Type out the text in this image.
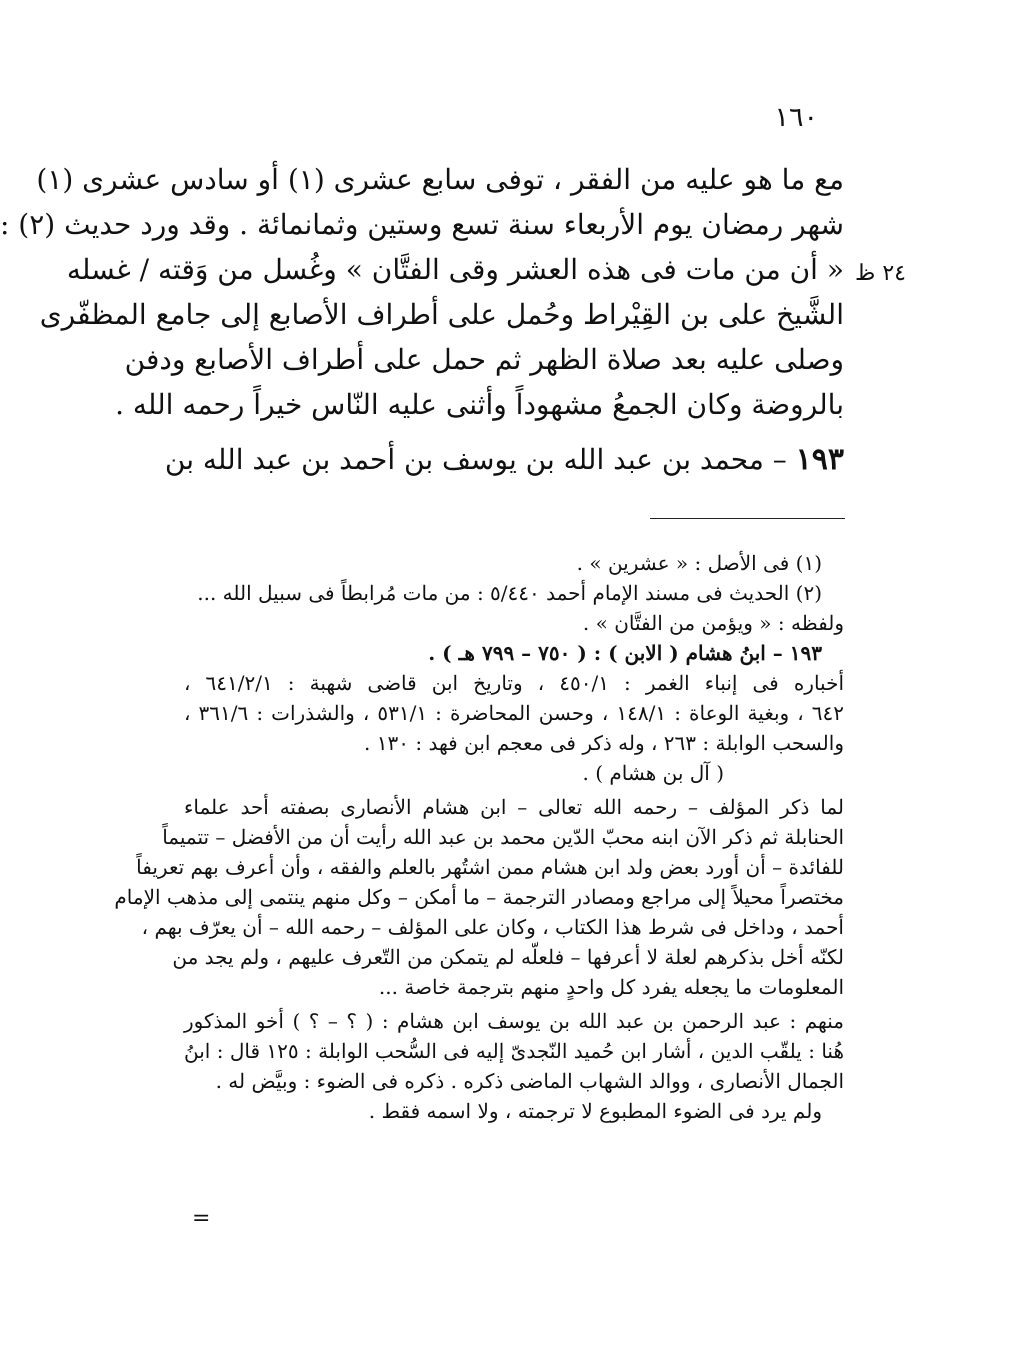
١٦٠
٢٤ ظ
مع ما هو عليه من الفقر ، توفى سابع عشرى (١) أو سادس عشرى (١)
شهر رمضان يوم الأربعاء سنة تسع وستين وثمانمائة . وقد ورد حديث (٢) :
« أن من مات فى هذه العشر وقى الفتَّان » وغُسل من وَقته / غسله
الشَّيخ على بن القِيْراط وحُمل على أطراف الأصابع إلى جامع المظفّرى
وصلى عليه بعد صلاة الظهر ثم حمل على أطراف الأصابع ودفن
بالروضة وكان الجمعُ مشهوداً وأثنى عليه النّاس خيراً رحمه الله .
١٩٣ – محمد بن عبد الله بن يوسف بن أحمد بن عبد الله بن
(١) فى الأصل : « عشرين » .
(٢) الحديث فى مسند الإمام أحمد ٥/٤٤٠ : من مات مُرابطاً فى سبيل الله ...
ولفظه : « ويؤمن من الفتَّان » .
١٩٣ – ابنُ هشام ( الابن ) : ( ٧٥٠ – ٧٩٩ هـ ) .
أخباره فى إنباء الغمر : ٤٥٠/١ ، وتاريخ ابن قاضى شهبة : ٦٤١/٢/١ ،
٦٤٢ ، وبغية الوعاة : ١٤٨/١ ، وحسن المحاضرة : ٥٣١/١ ، والشذرات : ٣٦١/٦ ،
والسحب الوابلة : ٢٦٣ ، وله ذكر فى معجم ابن فهد : ١٣٠ .
( آل بن هشام ) .
لما ذكر المؤلف – رحمه الله تعالى – ابن هشام الأنصارى بصفته أحد علماء
الحنابلة ثم ذكر الآن ابنه محبّ الدّين محمد بن عبد الله رأيت أن من الأفضل – تتميماً
للفائدة – أن أورد بعض ولد ابن هشام ممن اشتُهر بالعلم والفقه ، وأن أعرف بهم تعريفاً
مختصراً محيلاً إلى مراجع ومصادر الترجمة – ما أمكن – وكل منهم ينتمى إلى مذهب الإمام
أحمد ، وداخل فى شرط هذا الكتاب ، وكان على المؤلف – رحمه الله – أن يعرّف بهم ،
لكنّه أخل بذكرهم لعلة لا أعرفها – فلعلّه لم يتمكن من التّعرف عليهم ، ولم يجد من
المعلومات ما يجعله يفرد كل واحدٍ منهم بترجمة خاصة ...
منهم : عبد الرحمن بن عبد الله بن يوسف ابن هشام : ( ؟ – ؟ ) أخو المذكور
هُنا : يلقّب الدين ، أشار ابن حُميد النّجدىّ إليه فى السُّحب الوابلة : ١٢٥ قال : ابنُ
الجمال الأنصارى ، ووالد الشهاب الماضى ذكره . ذكره فى الضوء : وبيَّض له .
ولم يرد فى الضوء المطبوع لا ترجمته ، ولا اسمه فقط .
=
